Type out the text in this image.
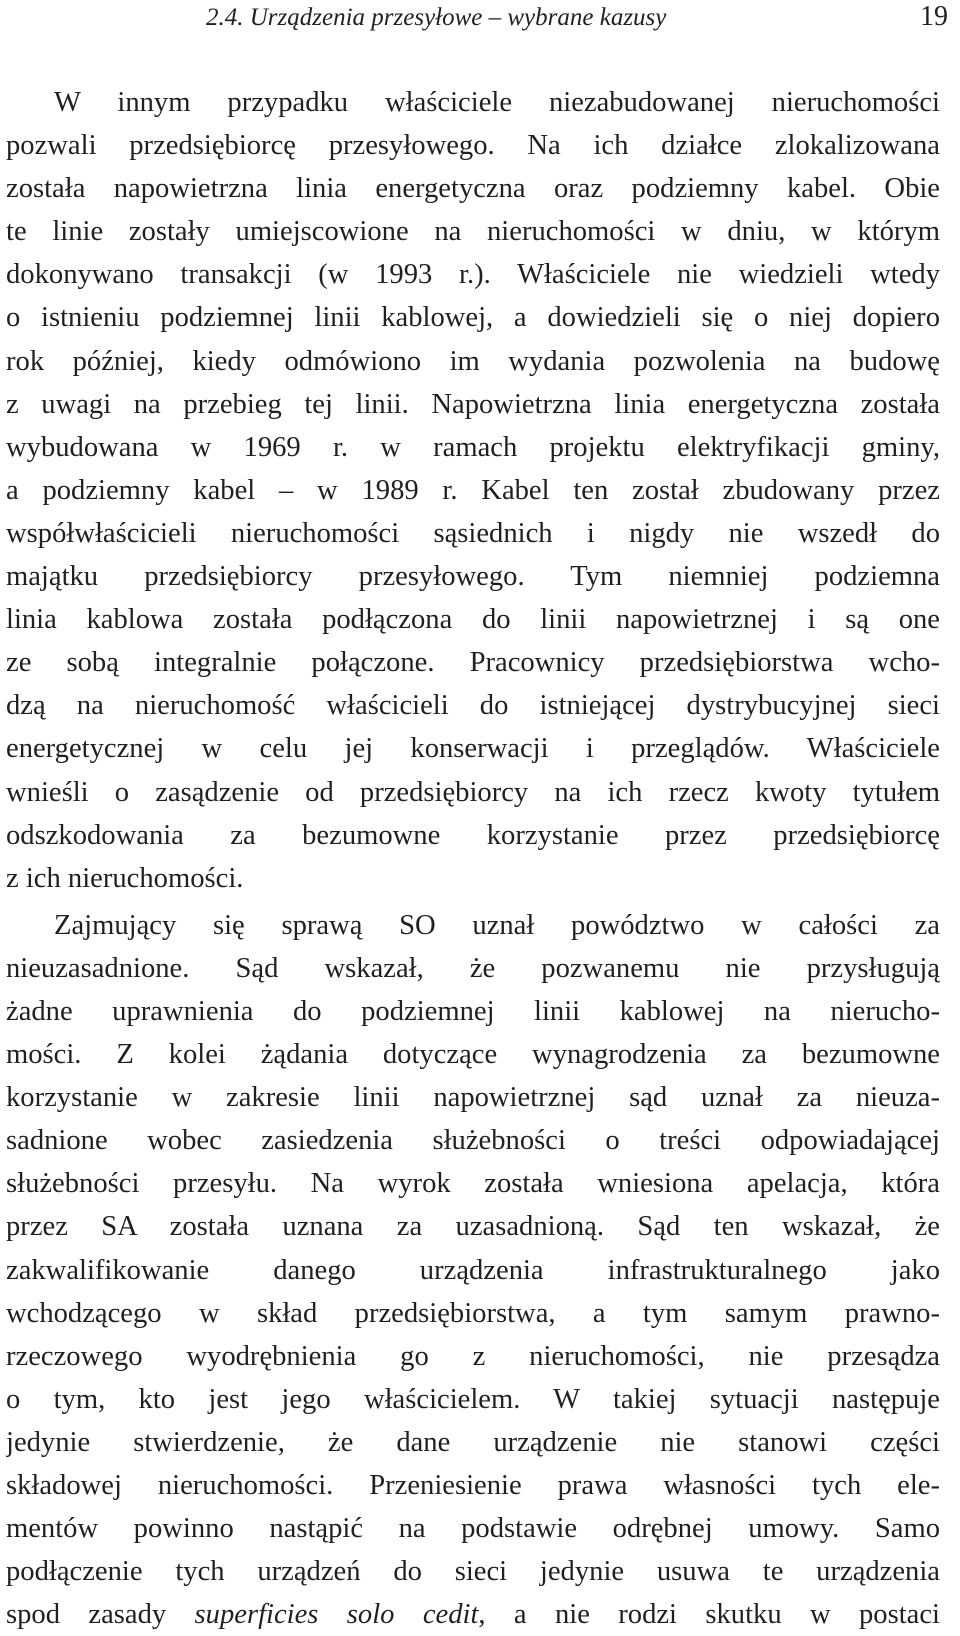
2.4. Urządzenia przesyłowe – wybrane kazusy	19
W innym przypadku właściciele niezabudowanej nieruchomości
pozwali przedsiębiorcę przesyłowego. Na ich działce zlokalizowana
została napowietrzna linia energetyczna oraz podziemny kabel. Obie
te linie zostały umiejscowione na nieruchomości w dniu, w którym
dokonywano transakcji (w 1993 r.). Właściciele nie wiedzieli wtedy
o istnieniu podziemnej linii kablowej, a dowiedzieli się o niej dopiero
rok później, kiedy odmówiono im wydania pozwolenia na budowę
z uwagi na przebieg tej linii. Napowietrzna linia energetyczna została
wybudowana w 1969 r. w ramach projektu elektryfikacji gminy,
a podziemny kabel – w 1989 r. Kabel ten został zbudowany przez
współwłaścicieli nieruchomości sąsiednich i nigdy nie wszedł do
majątku przedsiębiorcy przesyłowego. Tym niemniej podziemna
linia kablowa została podłączona do linii napowietrznej i są one
ze sobą integralnie połączone. Pracownicy przedsiębiorstwa wcho-
dzą na nieruchomość właścicieli do istniejącej dystrybucyjnej sieci
energetycznej w celu jej konserwacji i przeglądów. Właściciele
wnieśli o zasądzenie od przedsiębiorcy na ich rzecz kwoty tytułem
odszkodowania za bezumowne korzystanie przez przedsiębiorcę
z ich nieruchomości.
Zajmujący się sprawą SO uznał powództwo w całości za
nieuzasadnione. Sąd wskazał, że pozwanemu nie przysługują
żadne uprawnienia do podziemnej linii kablowej na nierucho-
mości. Z kolei żądania dotyczące wynagrodzenia za bezumowne
korzystanie w zakresie linii napowietrznej sąd uznał za nieuza-
sadnione wobec zasiedzenia służebności o treści odpowiadającej
służebności przesyłu. Na wyrok została wniesiona apelacja, która
przez SA została uznana za uzasadnioną. Sąd ten wskazał, że
zakwalifikowanie danego urządzenia infrastrukturalnego jako
wchodzącego w skład przedsiębiorstwa, a tym samym prawno-
rzeczowego wyodrębnienia go z nieruchomości, nie przesądza
o tym, kto jest jego właścicielem. W takiej sytuacji następuje
jedynie stwierdzenie, że dane urządzenie nie stanowi części
składowej nieruchomości. Przeniesienie prawa własności tych ele-
mentów powinno nastąpić na podstawie odrębnej umowy. Samo
podłączenie tych urządzeń do sieci jedynie usuwa te urządzenia
spod zasady superficies solo cedit, a nie rodzi skutku w postaci
